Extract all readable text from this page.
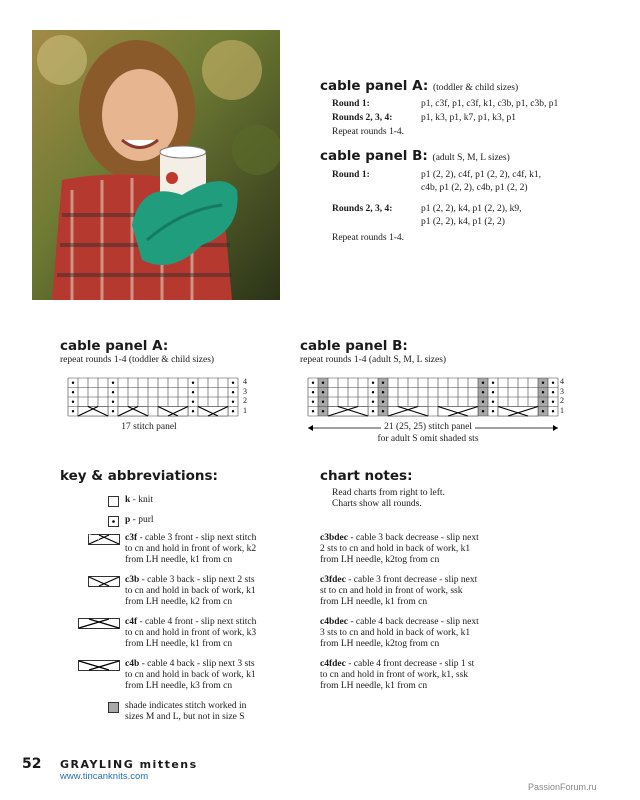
cable panel A: (toddler & child sizes)
Round 1:	p1, c3f, p1, c3f, k1, c3b, p1, c3b, p1
Rounds 2, 3, 4:	p1, k3, p1, k7, p1, k3, p1
Repeat rounds 1-4.
cable panel B: (adult S, M, L sizes)
Round 1:	p1 (2, 2), c4f, p1 (2, 2), c4f, k1,
c4b, p1 (2, 2), c4b, p1 (2, 2)
Rounds 2, 3, 4:	p1 (2, 2), k4, p1 (2, 2), k9,
p1 (2, 2), k4, p1 (2, 2)
Repeat rounds 1-4.
cable panel A:
repeat rounds 1-4 (toddler & child sizes)
4
3
2
1
17 stitch panel
cable panel B:
repeat rounds 1-4 (adult S, M, L sizes)
4
3
2
1
21 (25, 25) stitch panel
for adult S omit shaded sts
key & abbreviations:
k - knit
p - purl
c3f - cable 3 front - slip next stitch
to cn and hold in front of work, k2
from LH needle, k1 from cn
c3b - cable 3 back - slip next 2 sts
to cn and hold in back of work, k1
from LH needle, k2 from cn
c4f - cable 4 front - slip next stitch
to cn and hold in front of work, k3
from LH needle, k1 from cn
c4b - cable 4 back - slip next 3 sts
to cn and hold in back of work, k1
from LH needle, k3 from cn
shade indicates stitch worked in
sizes M and L, but not in size S
chart notes:
Read charts from right to left.
Charts show all rounds.
c3bdec - cable 3 back decrease - slip next
2 sts to cn and hold in back of work, k1
from LH needle, k2tog from cn
c3fdec - cable 3 front decrease - slip next
st to cn and hold in front of work, ssk
from LH needle, k1 from cn
c4bdec - cable 4 back decrease - slip next
3 sts to cn and hold in back of work, k1
from LH needle, k2tog from cn
c4fdec - cable 4 front decrease - slip 1 st
to cn and hold in front of work, k1, ssk
from LH needle, k1 from cn
52 GRAYLING mittens
www.tincanknits.com
PassionForum.ru
